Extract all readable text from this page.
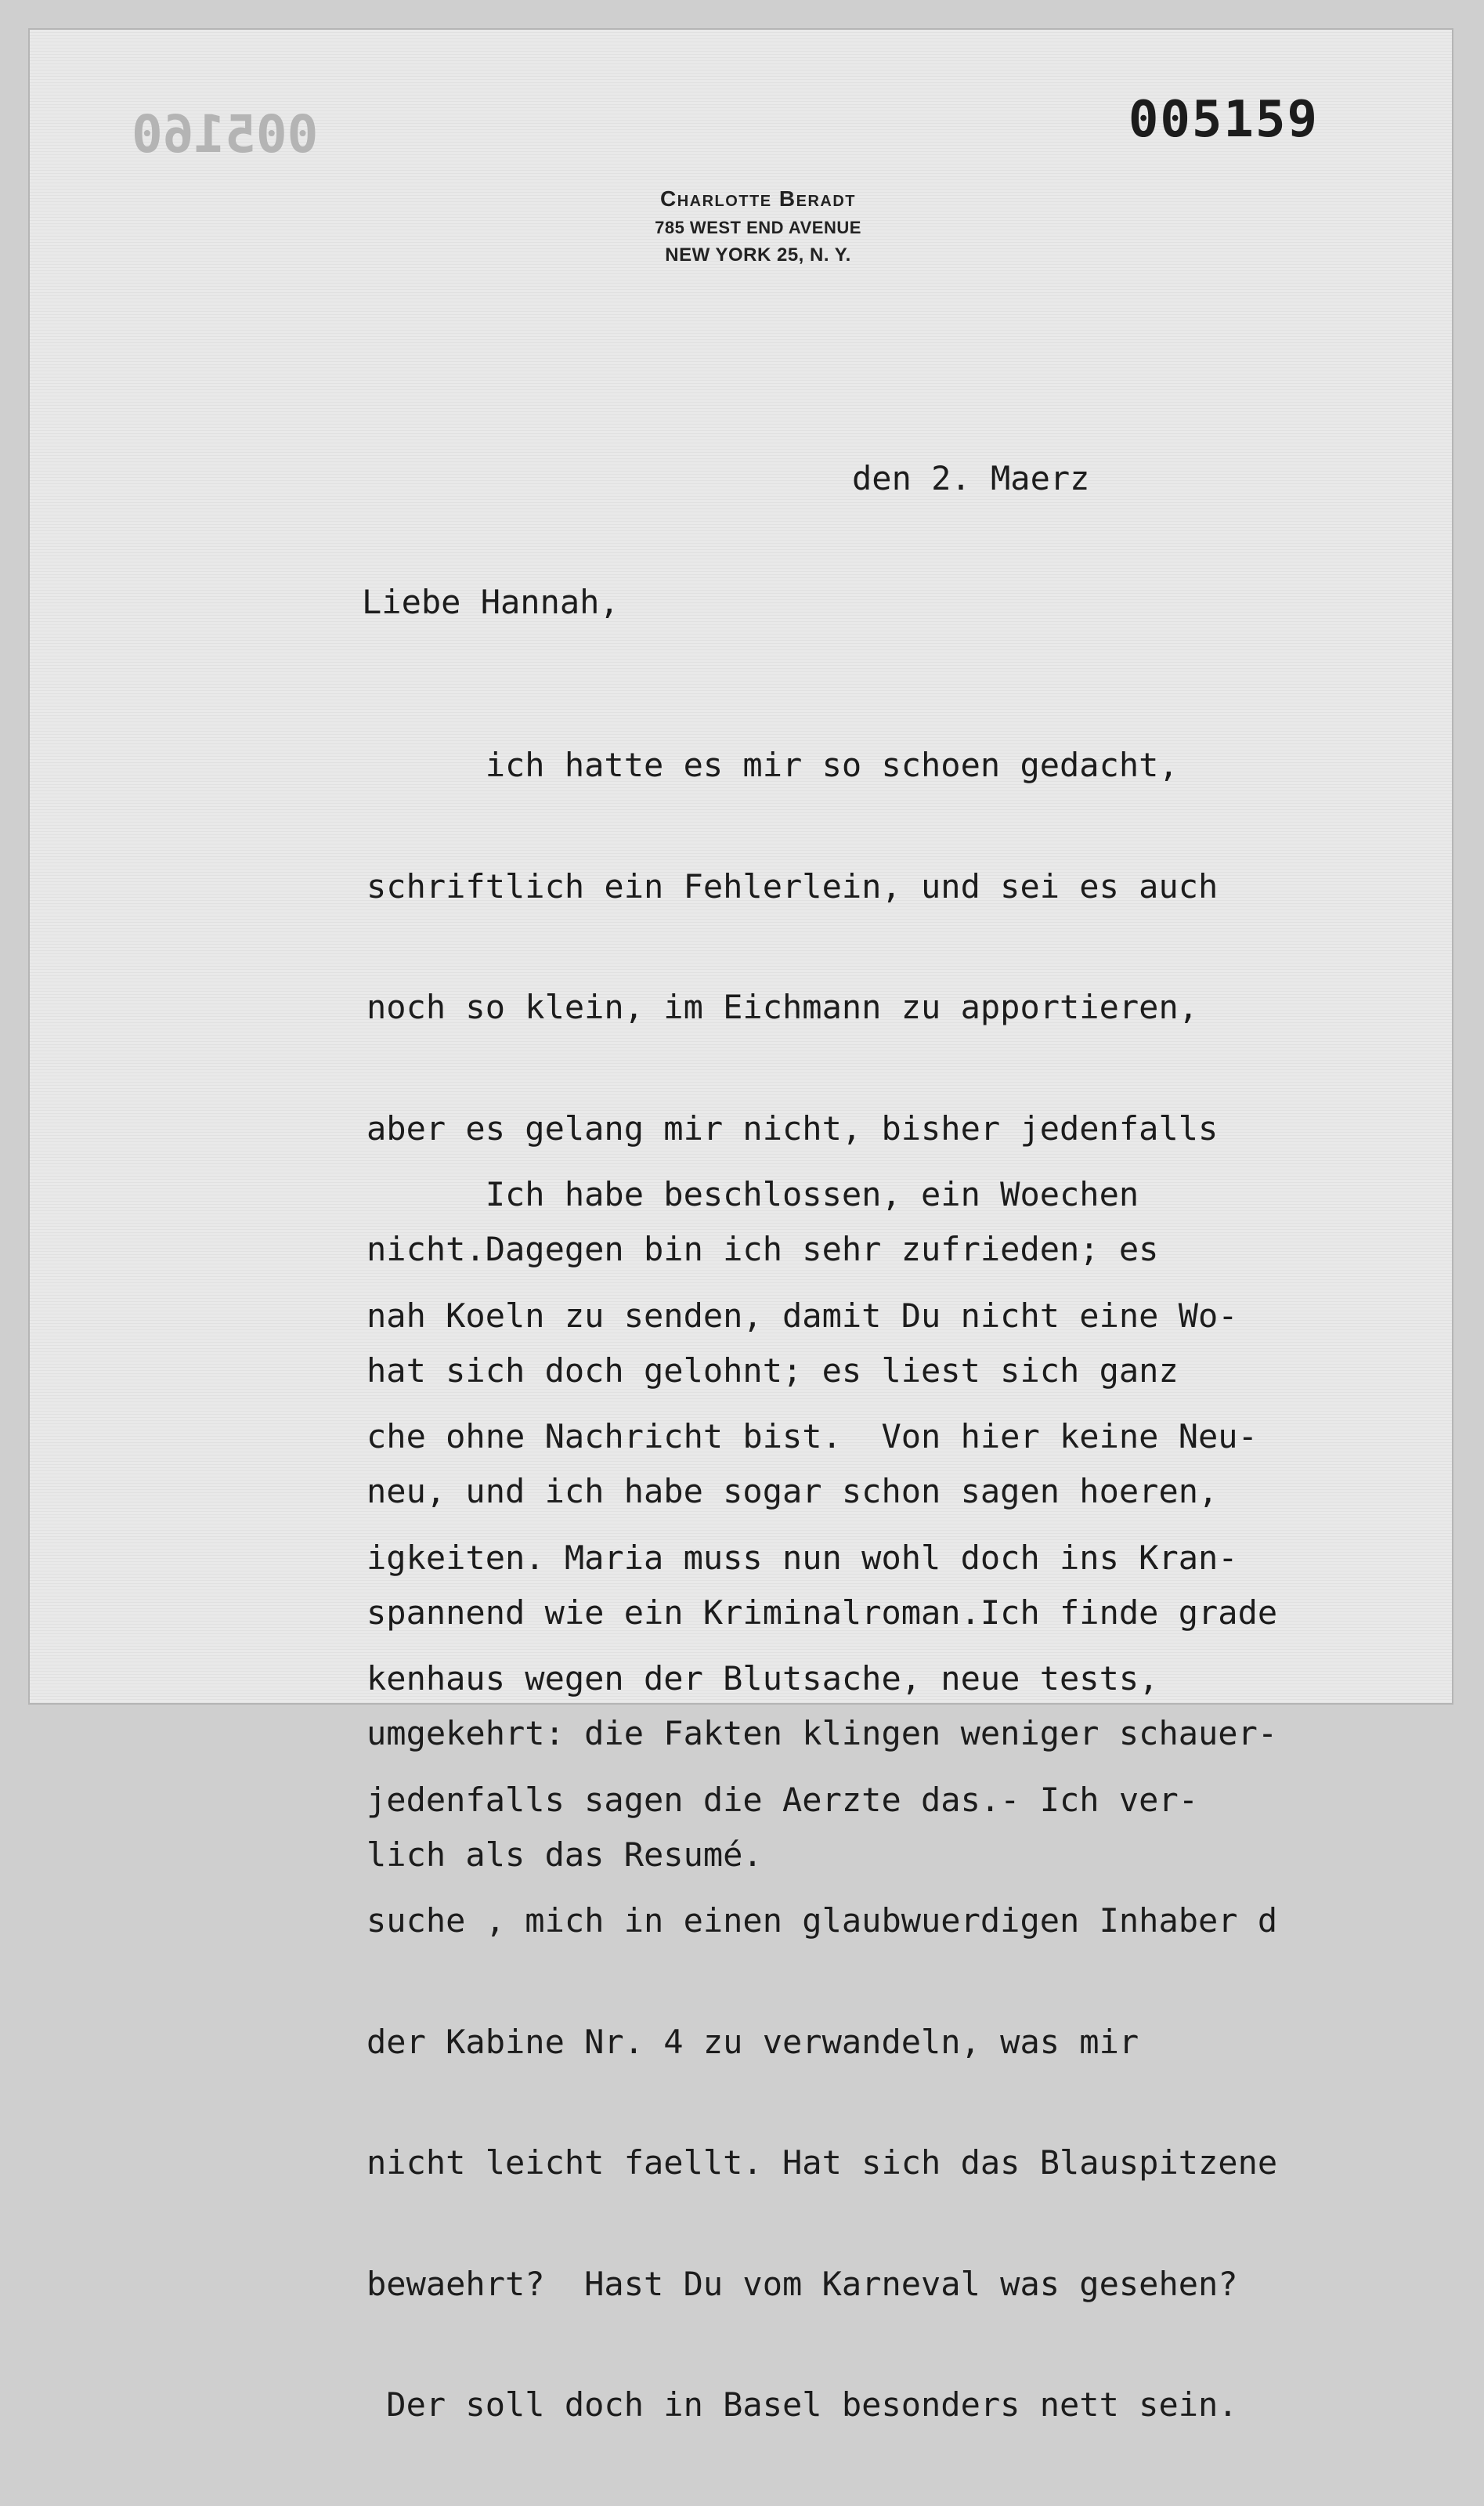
005160	005159
Charlotte Beradt
785 WEST END AVENUE
NEW YORK 25, N. Y.
den 2. Maerz
Liebe Hannah,

ich hatte es mir so schoen gedacht,

schriftlich ein Fehlerlein, und sei es auch

noch so klein, im Eichmann zu apportieren,

aber es gelang mir nicht, bisher jedenfalls

nicht.Dagegen bin ich sehr zufrieden; es

hat sich doch gelohnt; es liest sich ganz

neu, und ich habe sogar schon sagen hoeren,

spannend wie ein Kriminalroman.Ich finde grade

umgekehrt: die Fakten klingen weniger schauer-

lich als das Resumé.

Ich habe beschlossen, ein Woechen

nah Koeln zu senden, damit Du nicht eine Wo-

che ohne Nachricht bist.  Von hier keine Neu-

igkeiten. Maria muss nun wohl doch ins Kran-

kenhaus wegen der Blutsache, neue tests,

jedenfalls sagen die Aerzte das.- Ich ver-

suche , mich in einen glaubwuerdigen Inhaber d

der Kabine Nr. 4 zu verwandeln, was mir

nicht leicht faellt. Hat sich das Blauspitzene

bewaehrt?  Hast Du vom Karneval was gesehen?

Der soll doch in Basel besonders nett sein.
